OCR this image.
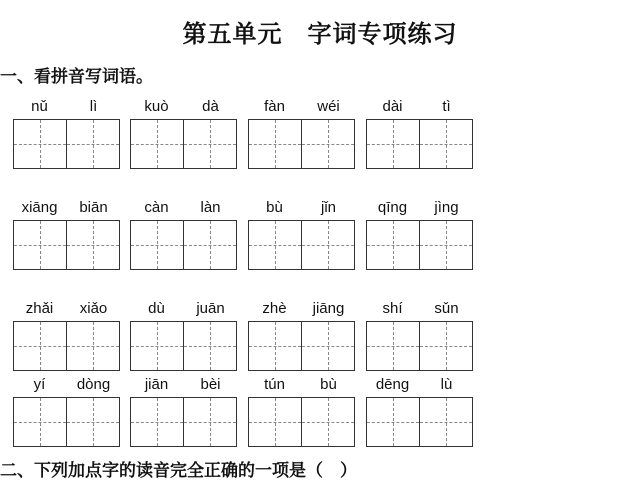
第五单元　字词专项练习
一、看拼音写词语。
nǔ	lì	kuò	dà	fàn	wéi	dài	tì
xiāng	biān	càn	làn	bù	jǐn	qīng	jìng
zhǎi	xiǎo	dù	juān	zhè	jiāng	shí	sǔn
yí	dòng	jiān	bèi	tún	bù	dēng	lù
二、下列加点字的读音完全正确的一项是（　）
